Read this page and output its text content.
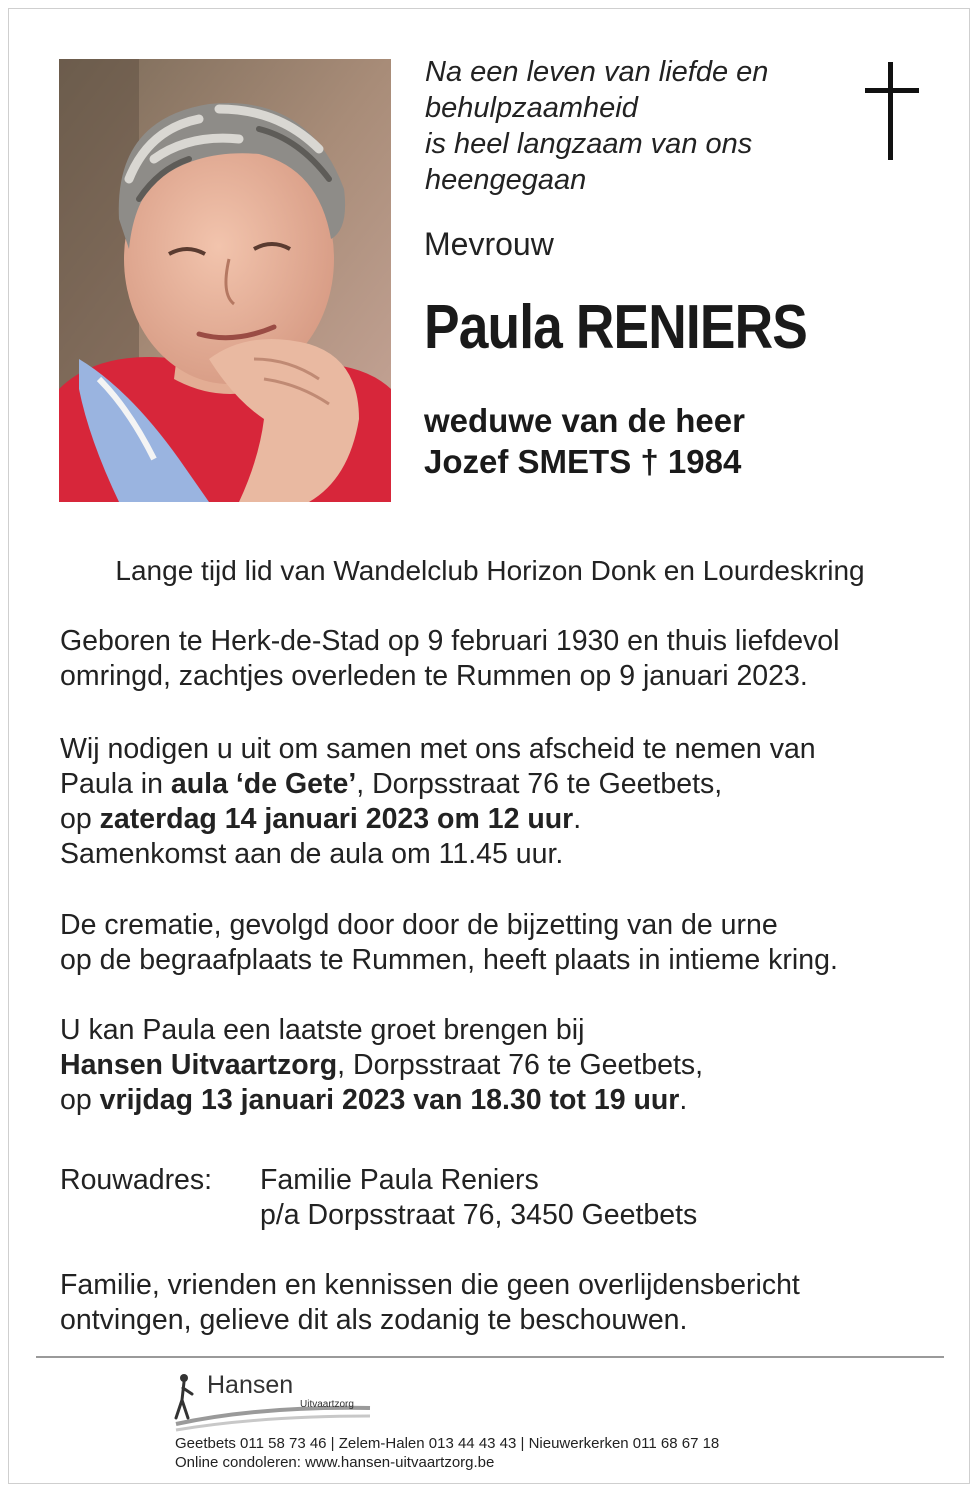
Na een leven van liefde en
behulpzaamheid
is heel langzaam van ons
heengegaan
Mevrouw
Paula RENIERS
weduwe van de heer
Jozef SMETS † 1984
Lange tijd lid van Wandelclub Horizon Donk en Lourdeskring
Geboren te Herk-de-Stad op 9 februari 1930 en thuis liefdevol
omringd, zachtjes overleden te Rummen op 9 januari 2023.
Wij nodigen u uit om samen met ons afscheid te nemen van
Paula in aula ‘de Gete’, Dorpsstraat 76 te Geetbets,
op zaterdag 14 januari 2023 om 12 uur.
Samenkomst aan de aula om 11.45 uur.
De crematie, gevolgd door door de bijzetting van de urne
op de begraafplaats te Rummen, heeft plaats in intieme kring.
U kan Paula een laatste groet brengen bij
Hansen Uitvaartzorg, Dorpsstraat 76 te Geetbets,
op vrijdag 13 januari 2023 van 18.30 tot 19 uur.
Rouwadres: Familie Paula Reniers
p/a Dorpsstraat 76, 3450 Geetbets
Familie, vrienden en kennissen die geen overlijdensbericht
ontvingen, gelieve dit als zodanig te beschouwen.
Hansen
Uitvaartzorg
Geetbets 011 58 73 46 | Zelem-Halen 013 44 43 43 | Nieuwerkerken 011 68 67 18
Online condoleren: www.hansen-uitvaartzorg.be
